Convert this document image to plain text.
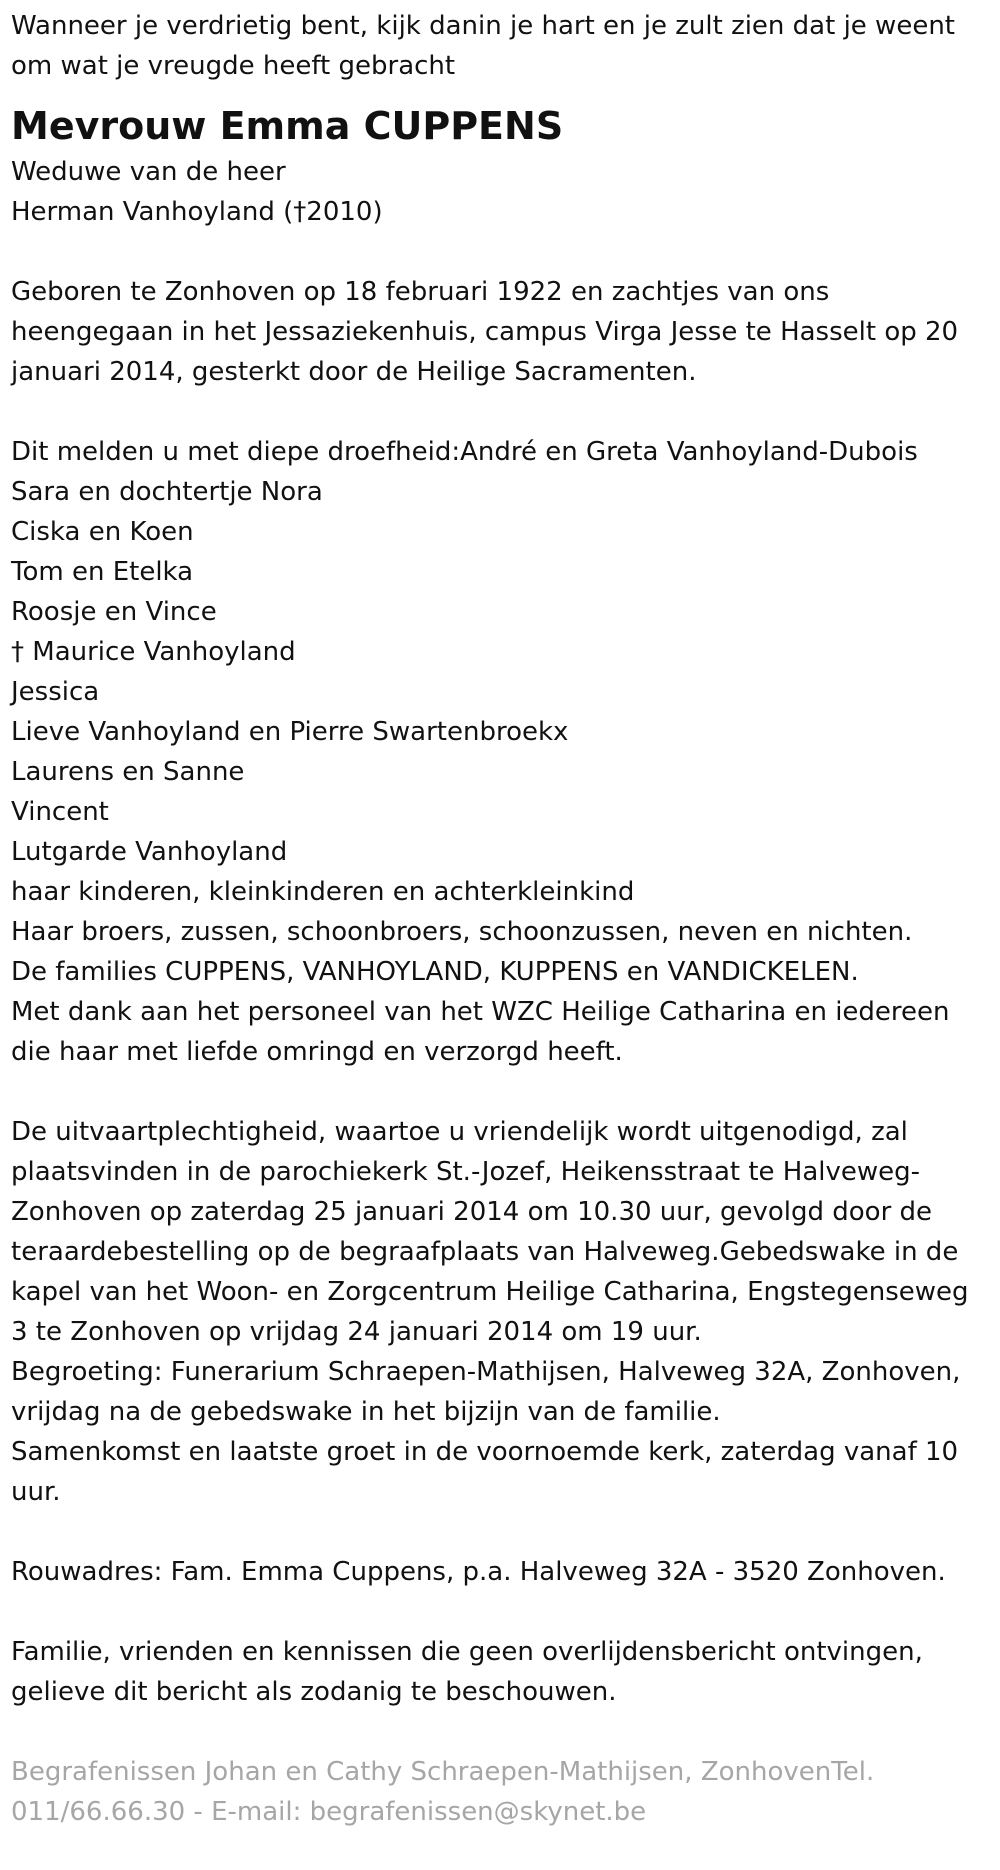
Wanneer je verdrietig bent, kijk danin je hart en je zult zien dat je weent

om wat je vreugde heeft gebracht

Mevrouw Emma CUPPENS

Weduwe van de heer

Herman Vanhoyland (†2010)

Geboren te Zonhoven op 18 februari 1922 en zachtjes van ons

heengegaan in het Jessaziekenhuis, campus Virga Jesse te Hasselt op 20

januari 2014, gesterkt door de Heilige Sacramenten.

Dit melden u met diepe droefheid:André en Greta Vanhoyland-Dubois

Sara en dochtertje Nora

Ciska en Koen

Tom en Etelka

Roosje en Vince

† Maurice Vanhoyland

Jessica

Lieve Vanhoyland en Pierre Swartenbroekx

Laurens en Sanne

Vincent

Lutgarde Vanhoyland

haar kinderen, kleinkinderen en achterkleinkind

Haar broers, zussen, schoonbroers, schoonzussen, neven en nichten.

De families CUPPENS, VANHOYLAND, KUPPENS en VANDICKELEN.

Met dank aan het personeel van het WZC Heilige Catharina en iedereen

die haar met liefde omringd en verzorgd heeft.

De uitvaartplechtigheid, waartoe u vriendelijk wordt uitgenodigd, zal

plaatsvinden in de parochiekerk St.-Jozef, Heikensstraat te Halveweg-

Zonhoven op zaterdag 25 januari 2014 om 10.30 uur, gevolgd door de

teraardebestelling op de begraafplaats van Halveweg.Gebedswake in de

kapel van het Woon- en Zorgcentrum Heilige Catharina, Engstegenseweg

3 te Zonhoven op vrijdag 24 januari 2014 om 19 uur.

Begroeting: Funerarium Schraepen-Mathijsen, Halveweg 32A, Zonhoven,

vrijdag na de gebedswake in het bijzijn van de familie.

Samenkomst en laatste groet in de voornoemde kerk, zaterdag vanaf 10

uur.

Rouwadres: Fam. Emma Cuppens, p.a. Halveweg 32A - 3520 Zonhoven.

Familie, vrienden en kennissen die geen overlijdensbericht ontvingen,

gelieve dit bericht als zodanig te beschouwen.

Begrafenissen Johan en Cathy Schraepen-Mathijsen, ZonhovenTel.

011/66.66.30 - E-mail: begrafenissen@skynet.be
